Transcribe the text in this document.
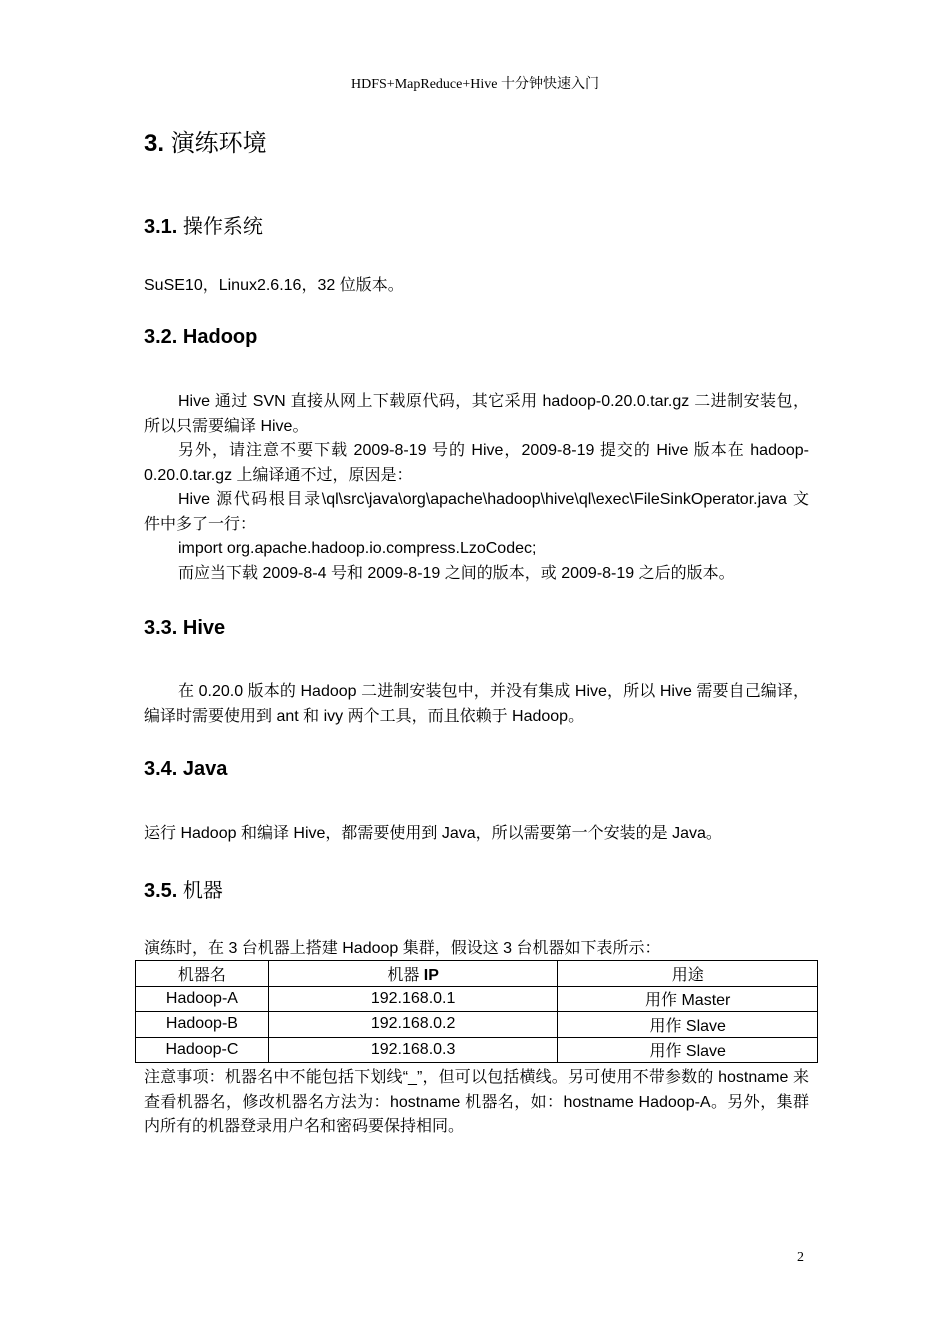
HDFS+MapReduce+Hive 十分钟快速入门
3. 演练环境
3.1. 操作系统

SuSE10，Linux2.6.16，32 位版本。

3.2. Hadoop

Hive 通过 SVN 直接从网上下载原代码，其它采用 hadoop-0.20.0.tar.gz 二进制安装包，所以只需要编译 Hive。

另外，请注意不要下载 2009-8-19 号的 Hive，2009-8-19 提交的 Hive 版本在 hadoop-0.20.0.tar.gz 上编译通不过，原因是：

Hive 源代码根目录\ql\src\java\org\apache\hadoop\hive\ql\exec\FileSinkOperator.java 文件中多了一行：

import org.apache.hadoop.io.compress.LzoCodec;

而应当下载 2009-8-4 号和 2009-8-19 之间的版本，或 2009-8-19 之后的版本。

3.3. Hive

在 0.20.0 版本的 Hadoop 二进制安装包中，并没有集成 Hive，所以 Hive 需要自己编译，编译时需要使用到 ant 和 ivy 两个工具，而且依赖于 Hadoop。

3.4. Java

运行 Hadoop 和编译 Hive，都需要使用到 Java，所以需要第一个安装的是 Java。

3.5. 机器

演练时，在 3 台机器上搭建 Hadoop 集群，假设这 3 台机器如下表所示：

机器名	机器 IP	用途
Hadoop-A	192.168.0.1	用作 Master
Hadoop-B	192.168.0.2	用作 Slave
Hadoop-C	192.168.0.3	用作 Slave

注意事项：机器名中不能包括下划线“_”，但可以包括横线。另可使用不带参数的 hostname 来查看机器名，修改机器名方法为：hostname 机器名，如：hostname Hadoop-A。另外，集群内所有的机器登录用户名和密码要保持相同。

2
